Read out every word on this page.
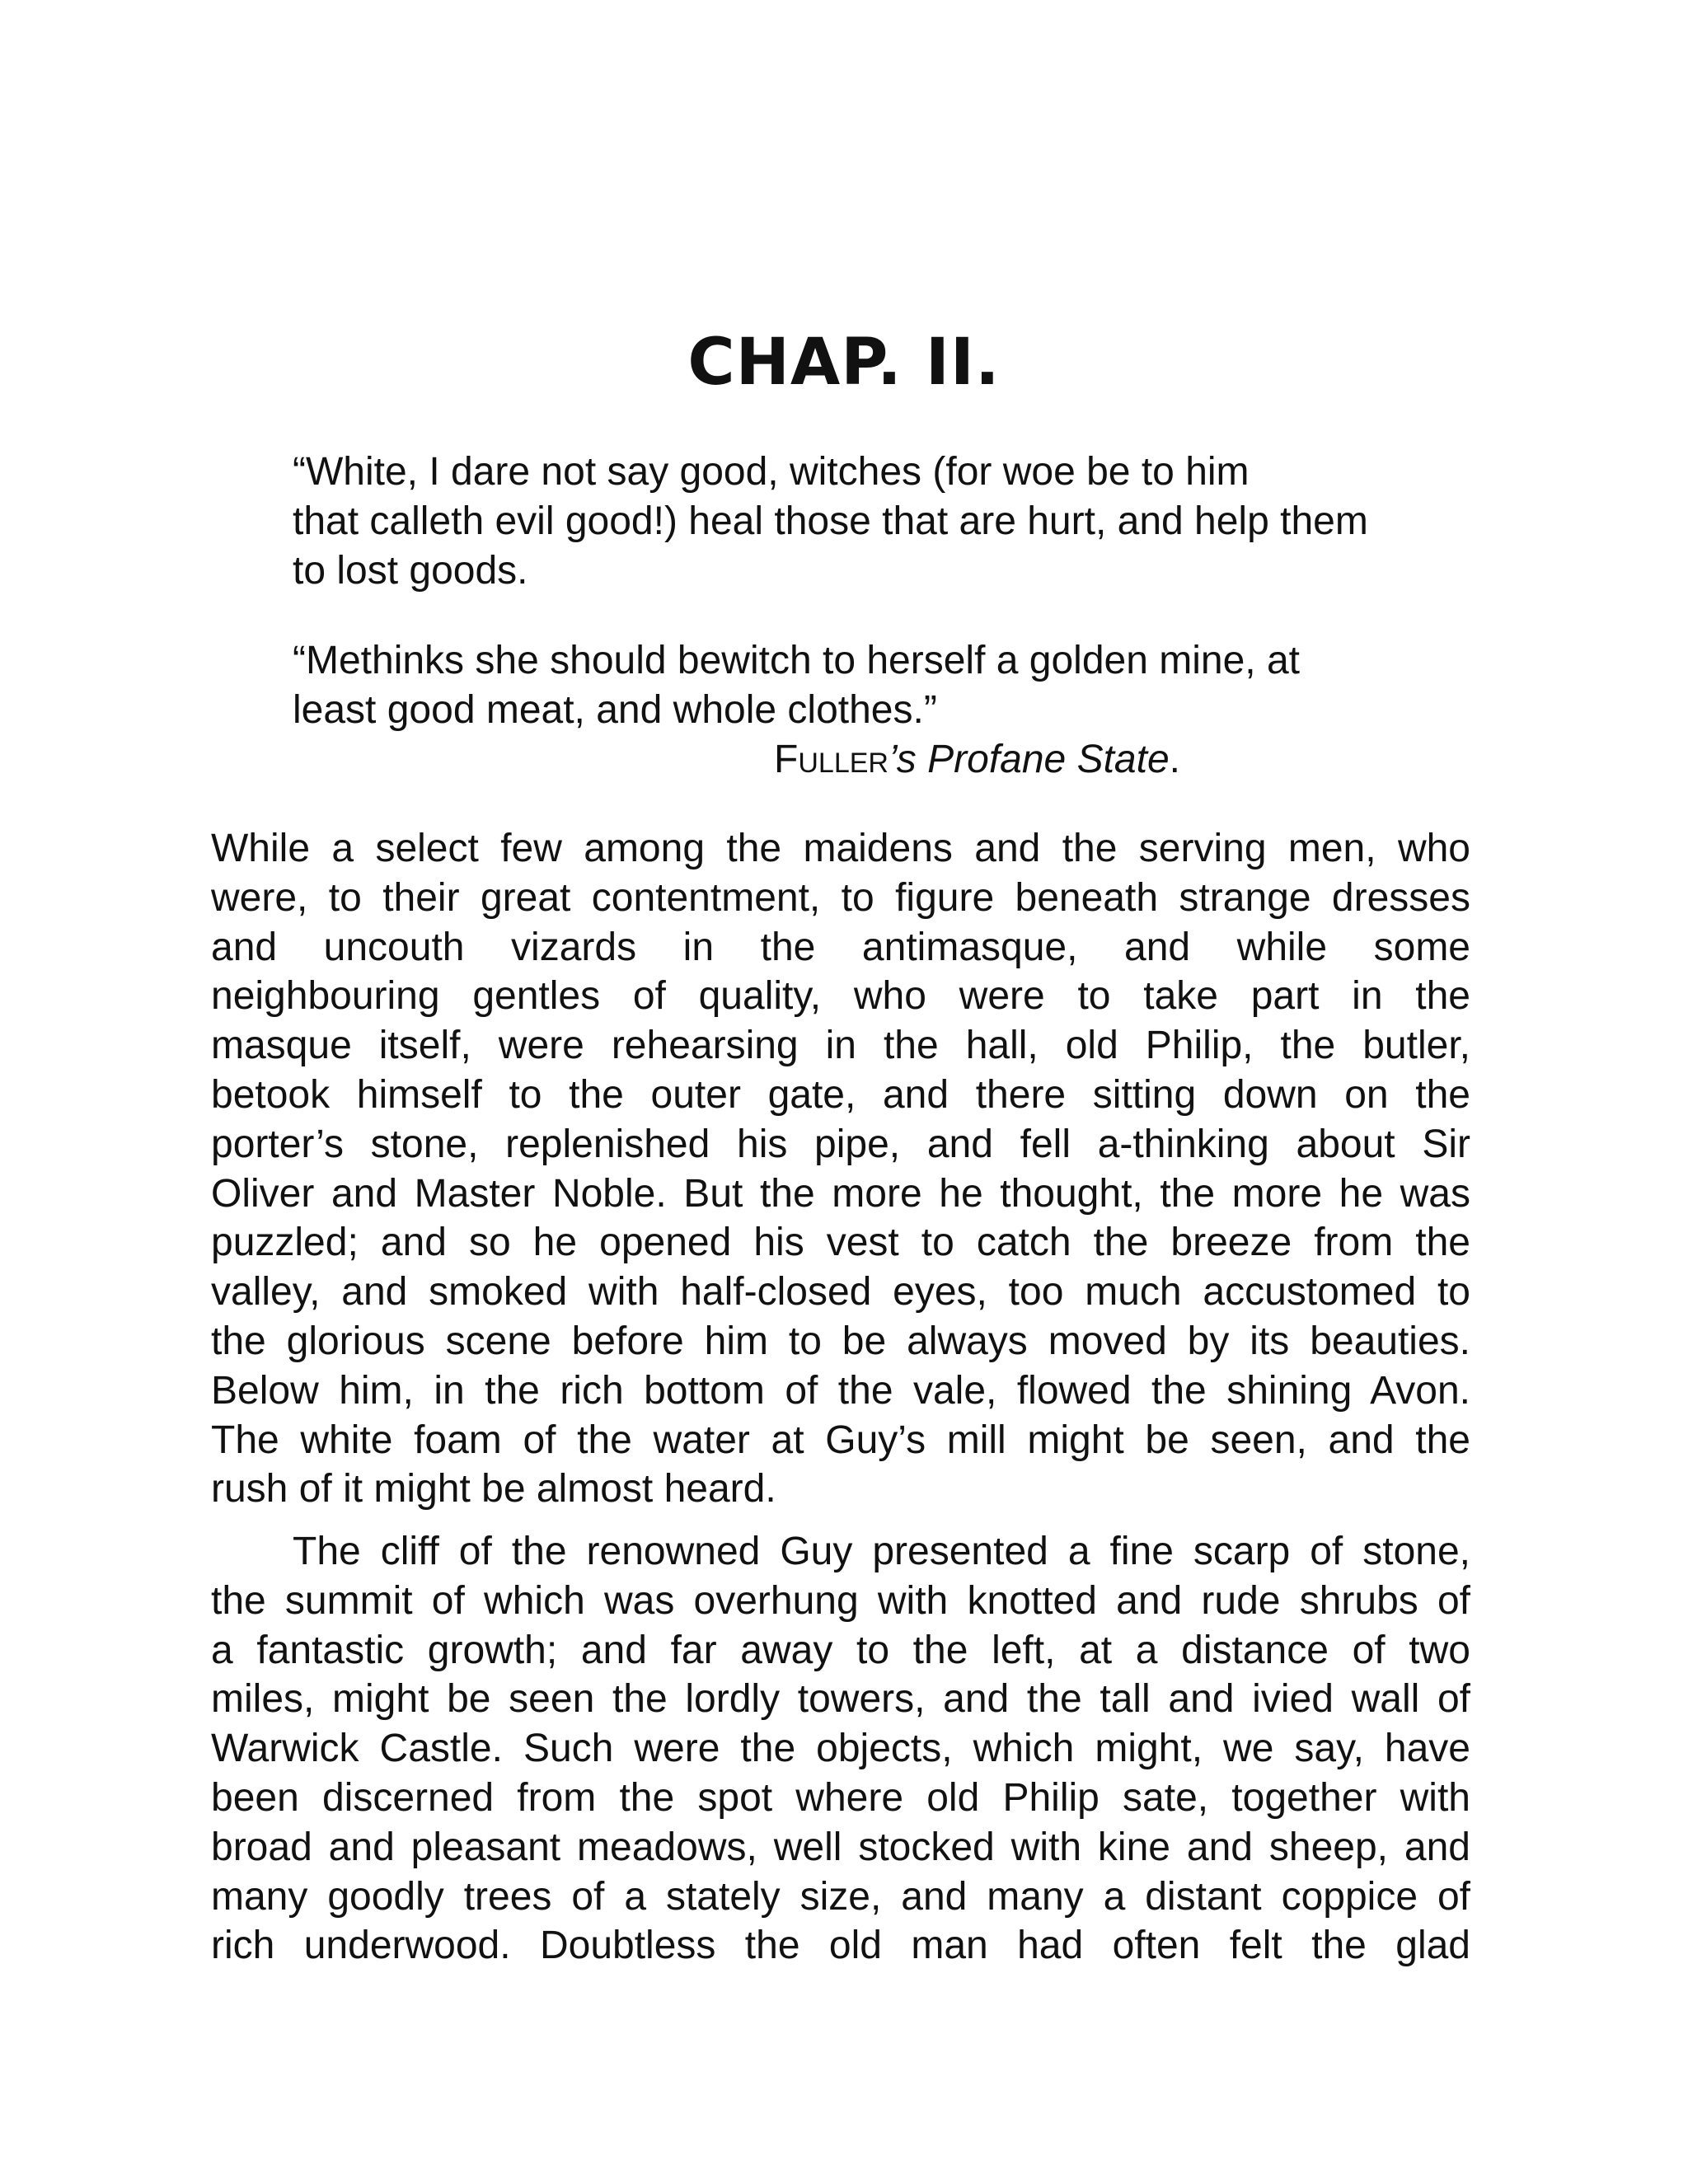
CHAP. II.
“White, I dare not say good, witches (for woe be to him
that calleth evil good!) heal those that are hurt, and help them
to lost goods.
“Methinks she should bewitch to herself a golden mine, at
least good meat, and whole clothes.”
Fuller’s Profane State.
While a select few among the maidens and the serving men, who
were, to their great contentment, to figure beneath strange dresses
and uncouth vizards in the antimasque, and while some
neighbouring gentles of quality, who were to take part in the
masque itself, were rehearsing in the hall, old Philip, the butler,
betook himself to the outer gate, and there sitting down on the
porter’s stone, replenished his pipe, and fell a-thinking about Sir
Oliver and Master Noble. But the more he thought, the more he was
puzzled; and so he opened his vest to catch the breeze from the
valley, and smoked with half-closed eyes, too much accustomed to
the glorious scene before him to be always moved by its beauties.
Below him, in the rich bottom of the vale, flowed the shining Avon.
The white foam of the water at Guy’s mill might be seen, and the
rush of it might be almost heard.
The cliff of the renowned Guy presented a fine scarp of stone,
the summit of which was overhung with knotted and rude shrubs of
a fantastic growth; and far away to the left, at a distance of two
miles, might be seen the lordly towers, and the tall and ivied wall of
Warwick Castle. Such were the objects, which might, we say, have
been discerned from the spot where old Philip sate, together with
broad and pleasant meadows, well stocked with kine and sheep, and
many goodly trees of a stately size, and many a distant coppice of
rich underwood. Doubtless the old man had often felt the glad
